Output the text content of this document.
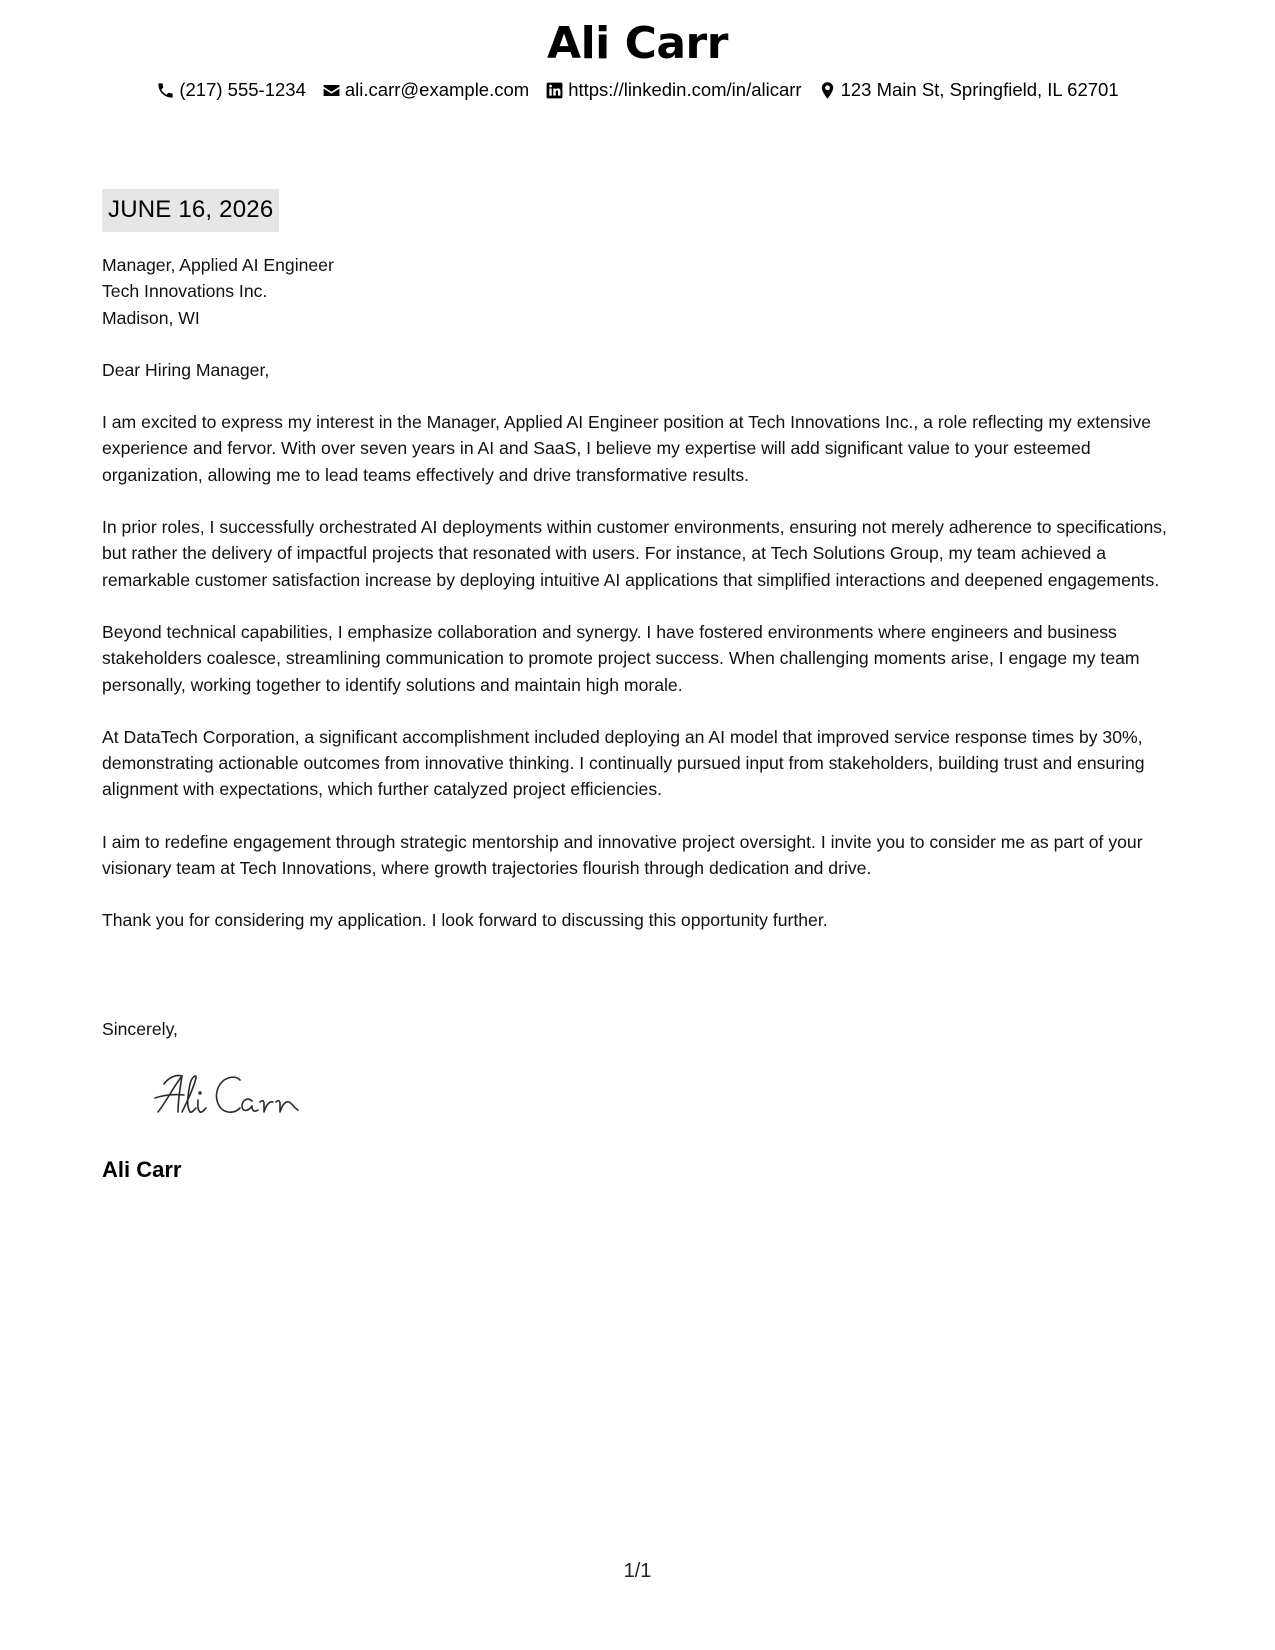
Ali Carr
(217) 555-1234 ali.carr@example.com https://linkedin.com/in/alicarr 123 Main St, Springfield, IL 62701
JUNE 16, 2026

Manager, Applied AI Engineer

Tech Innovations Inc.

Madison, WI

Dear Hiring Manager,

I am excited to express my interest in the Manager, Applied AI Engineer position at Tech Innovations Inc., a role reflecting my extensive experience and fervor. With over seven years in AI and SaaS, I believe my expertise will add significant value to your esteemed organization, allowing me to lead teams effectively and drive transformative results.

In prior roles, I successfully orchestrated AI deployments within customer environments, ensuring not merely adherence to specifications, but rather the delivery of impactful projects that resonated with users. For instance, at Tech Solutions Group, my team achieved a remarkable customer satisfaction increase by deploying intuitive AI applications that simplified interactions and deepened engagements.

Beyond technical capabilities, I emphasize collaboration and synergy. I have fostered environments where engineers and business stakeholders coalesce, streamlining communication to promote project success. When challenging moments arise, I engage my team personally, working together to identify solutions and maintain high morale.

At DataTech Corporation, a significant accomplishment included deploying an AI model that improved service response times by 30%, demonstrating actionable outcomes from innovative thinking. I continually pursued input from stakeholders, building trust and ensuring alignment with expectations, which further catalyzed project efficiencies.

I aim to redefine engagement through strategic mentorship and innovative project oversight. I invite you to consider me as part of your visionary team at Tech Innovations, where growth trajectories flourish through dedication and drive.

Thank you for considering my application. I look forward to discussing this opportunity further.

Sincerely,
Ali Carr
1/1
